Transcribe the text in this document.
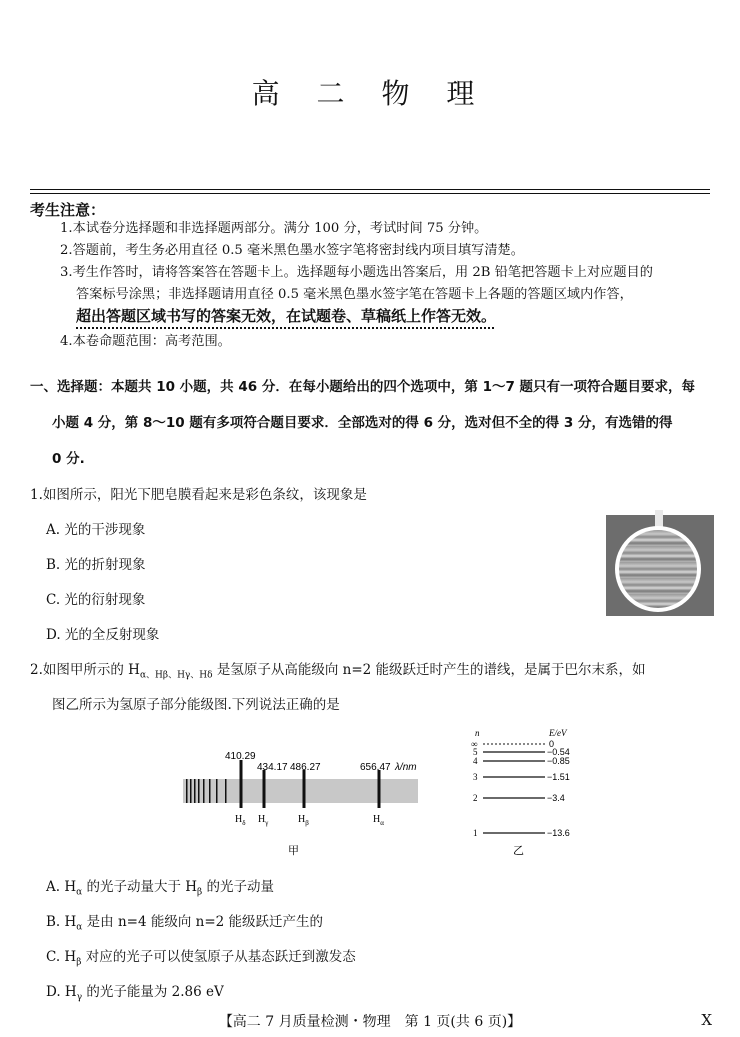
高 二 物 理
考生注意：
1.本试卷分选择题和非选择题两部分。满分 100 分，考试时间 75 分钟。
2.答题前，考生务必用直径 0.5 毫米黑色墨水签字笔将密封线内项目填写清楚。
3.考生作答时，请将答案答在答题卡上。选择题每小题选出答案后，用 2B 铅笔把答题卡上对应题目的
答案标号涂黑；非选择题请用直径 0.5 毫米黑色墨水签字笔在答题卡上各题的答题区域内作答，
超出答题区域书写的答案无效，在试题卷、草稿纸上作答无效。
4.本卷命题范围：高考范围。
一、选择题：本题共 10 小题，共 46 分．在每小题给出的四个选项中，第 1～7 题只有一项符合题目要求，每
小题 4 分，第 8～10 题有多项符合题目要求．全部选对的得 6 分，选对但不全的得 3 分，有选错的得
0 分.
1.如图所示，阳光下肥皂膜看起来是彩色条纹，该现象是
A. 光的干涉现象
B. 光的折射现象
C. 光的衍射现象
D. 光的全反射现象
2.如图甲所示的 $H_{\alpha、H\beta、H\gamma、H\delta}$ 是氢原子从高能级向 n=2 能级跃迁时产生的谱线，是属于巴尔末系，如
图乙所示为氢原子部分能级图.下列说法正确的是
410.29
434.17 486.27	656.47 λ/nm
$H_\delta$ $H_\gamma$	$H_\beta$	$H_\alpha$
甲
n	E/eV
∞
5
4
3
2
1
0
−0.54
−0.85
−1.51
−3.4
−13.6
乙
A. $H_\alpha$ 的光子动量大于 $H_\beta$ 的光子动量
B. $H_\alpha$ 是由 n=4 能级向 n=2 能级跃迁产生的
C. $H_\beta$ 对应的光子可以使氢原子从基态跃迁到激发态
D. $H_\gamma$ 的光子能量为 2.86 eV
【高二 7 月质量检测・物理　第 1 页(共 6 页)】	X
